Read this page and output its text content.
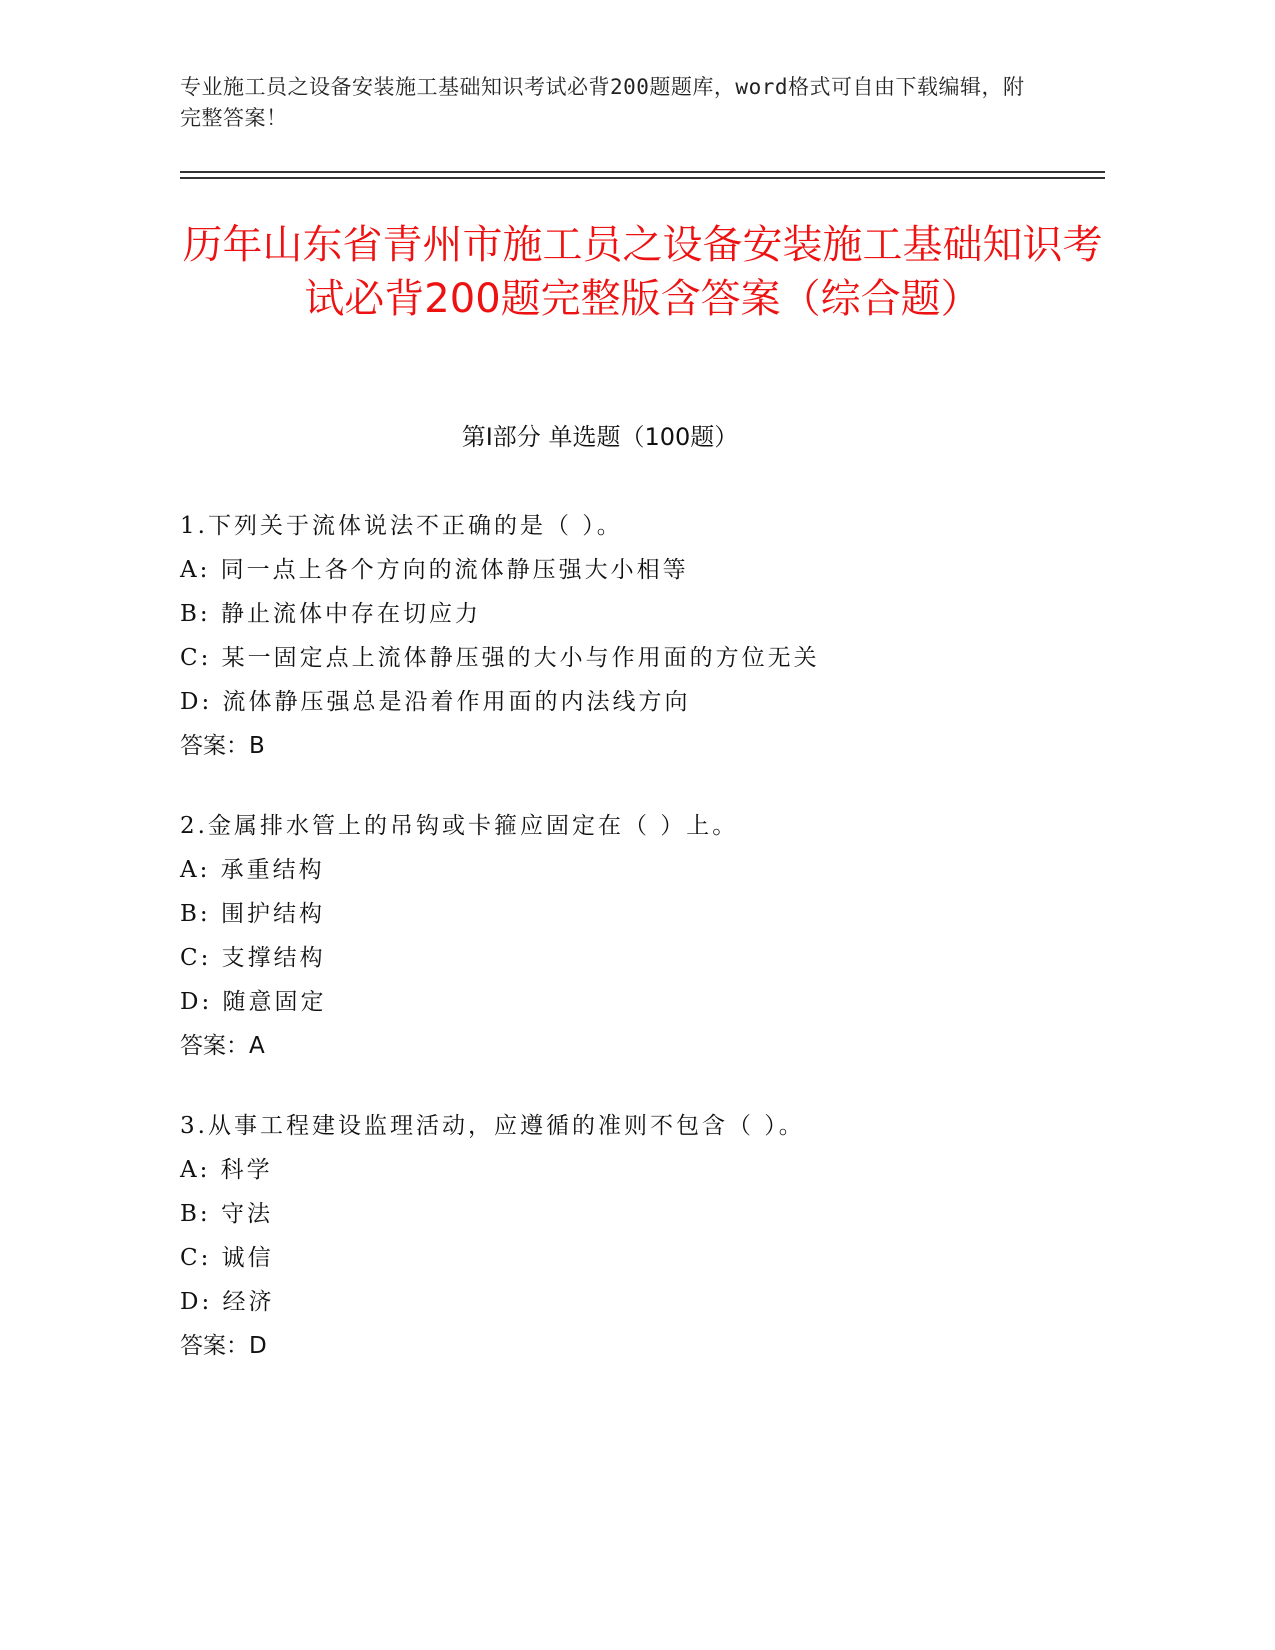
专业施工员之设备安装施工基础知识考试必背200题题库，word格式可自由下载编辑，附完整答案！
历年山东省青州市施工员之设备安装施工基础知识考试必背200题完整版含答案（综合题）
第I部分 单选题（100题）
1.下列关于流体说法不正确的是（ ）。
A: 同一点上各个方向的流体静压强大小相等
B: 静止流体中存在切应力
C: 某一固定点上流体静压强的大小与作用面的方位无关
D: 流体静压强总是沿着作用面的内法线方向
答案：B
2.金属排水管上的吊钩或卡箍应固定在（ ）上。
A: 承重结构
B: 围护结构
C: 支撑结构
D: 随意固定
答案：A
3.从事工程建设监理活动，应遵循的准则不包含（ ）。
A: 科学
B: 守法
C: 诚信
D: 经济
答案：D
